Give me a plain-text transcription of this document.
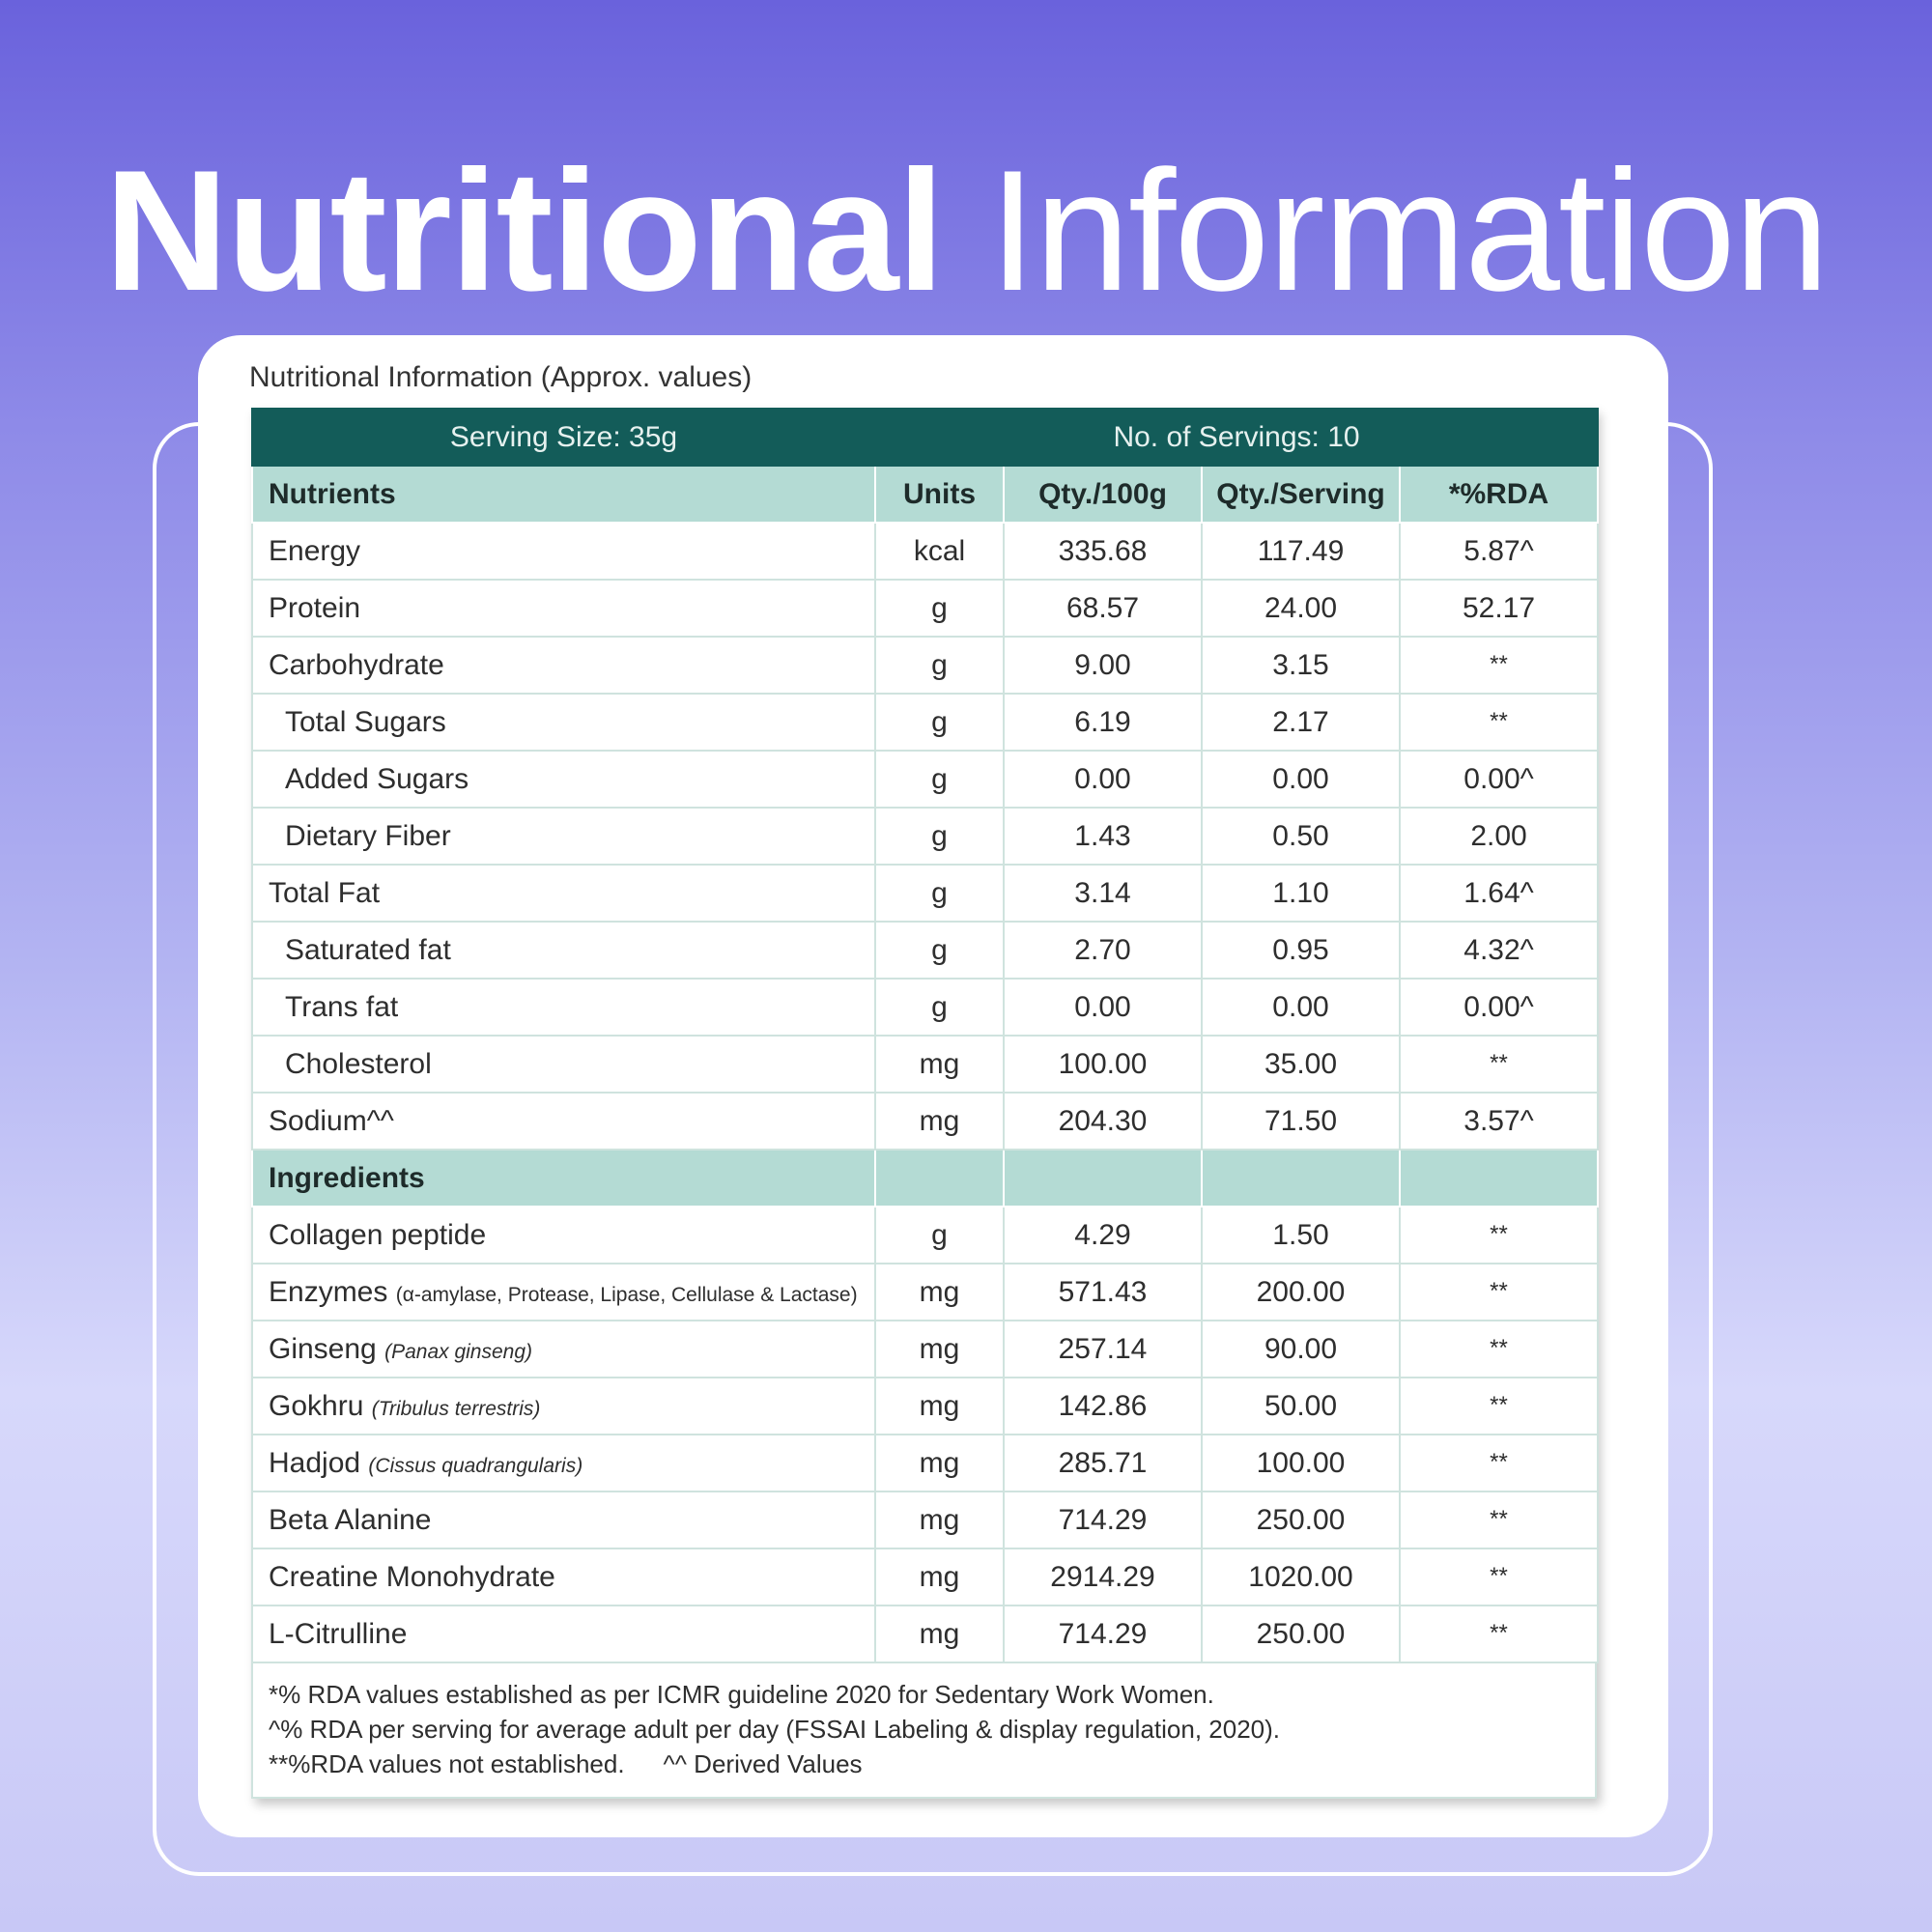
Nutritional Information
Nutritional Information (Approx. values)
Serving Size: 35g	No. of Servings: 10			
Nutrients	Units	Qty./100g	Qty./Serving	*%RDA
Energy	kcal	335.68	117.49	5.87^
Protein	g	68.57	24.00	52.17
Carbohydrate	g	9.00	3.15	**
Total Sugars	g	6.19	2.17	**
Added Sugars	g	0.00	0.00	0.00^
Dietary Fiber	g	1.43	0.50	2.00
Total Fat	g	3.14	1.10	1.64^
Saturated fat	g	2.70	0.95	4.32^
Trans fat	g	0.00	0.00	0.00^
Cholesterol	mg	100.00	35.00	**
Sodium^^	mg	204.30	71.50	3.57^
Ingredients				
Collagen peptide	g	4.29	1.50	**
Enzymes (α-amylase, Protease, Lipase, Cellulase & Lactase)	mg	571.43	200.00	**
Ginseng (Panax ginseng)	mg	257.14	90.00	**
Gokhru (Tribulus terrestris)	mg	142.86	50.00	**
Hadjod (Cissus quadrangularis)	mg	285.71	100.00	**
Beta Alanine	mg	714.29	250.00	**
Creatine Monohydrate	mg	2914.29	1020.00	**
L-Citrulline	mg	714.29	250.00	**
*% RDA values established as per ICMR guideline 2020 for Sedentary Work Women.
^% RDA per serving for average adult per day (FSSAI Labeling & display regulation, 2020).
**%RDA values not established. ^^ Derived Values
